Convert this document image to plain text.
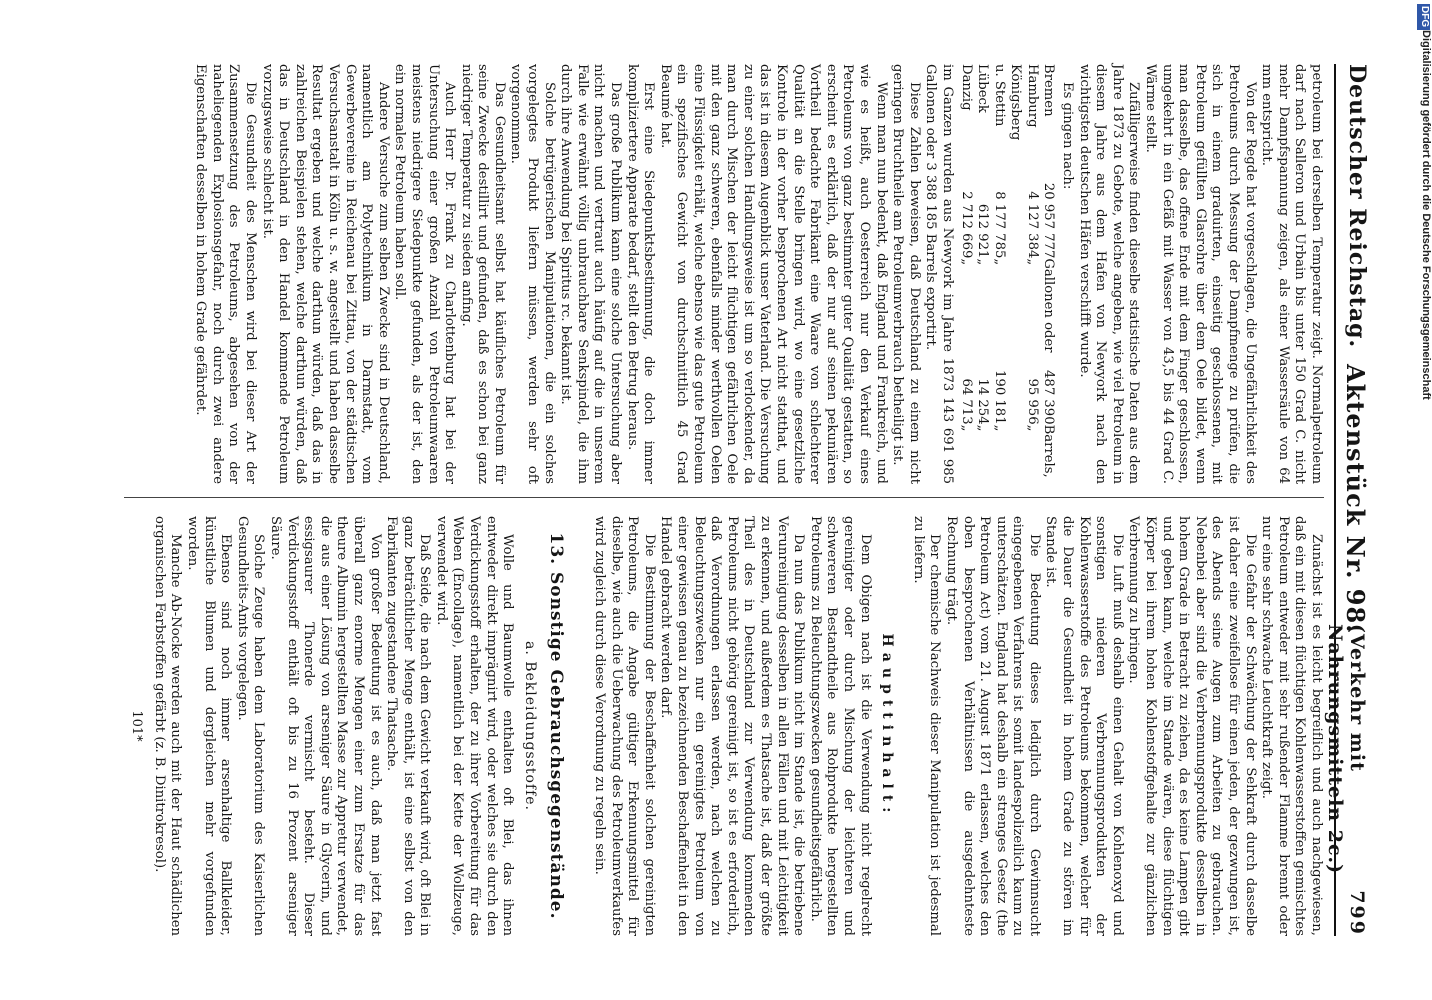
Deutscher Reichstag.
Aktenstück Nr. 98.
(Verkehr mit Nahrungsmitteln 2c.)
799

petroleum bei derselben Temperatur zeigt. Normalpetroleum darf nach Salleron und Urbain bis unter 150 Grad C. nicht mehr Dampfspannung zeigen, als einer Wassersäule von 64 mm entspricht.

Von der Regde hat vorgeschlagen, die Ungefährlichkeit des Petroleums durch Messung der Dampfmenge zu prüfen, die sich in einem graduirten, einseitig geschlossenen, mit Petroleum gefüllten Glasrohre über dem Oele bildet, wenn man dasselbe, das offene Ende mit dem Finger geschlossen, umgekehrt in ein Gefäß mit Wasser von 43,5 bis 44 Grad C. Wärme stellt.

Zufälligerweise finden dieselbe statistische Daten aus dem Jahre 1873 zu Gebote, welche angeben, wie viel Petroleum in diesem Jahre aus dem Hafen von Newyork nach den wichtigsten deutschen Häfen verschifft wurde.

Es gingen nach:

Bremen	20 957 777	Gallonen oder	487 390	Barrels,
Hamburg	4 127 384	„	95 956	„
Königsberg				
u. Stettin	8 177 785	„	190 181	„
Lübeck	612 921	„	14 254	„
Danzig	2 712 669	„	64 713	„

im Ganzen wurden aus Newyork im Jahre 1873 143 691 985 Gallonen oder 3 388 185 Barrels exportirt.

Diese Zahlen beweisen, daß Deutschland zu einem nicht geringen Bruchtheile am Petroleumverbrauch betheiligt ist.

Wenn man nun bedenkt, daß England und Frankreich, und wie es heißt, auch Oesterreich nur den Verkauf eines Petroleums von ganz bestimmter guter Qualität gestatten, so erscheint es erklärlich, daß der nur auf seinen pekuniären Vortheil bedachte Fabrikant eine Waare von schlechterer Qualität an die Stelle bringen wird, wo eine gesetzliche Kontrole in der vorher besprochenen Art nicht statthat, und das ist in diesem Augenblick unser Vaterland. Die Versuchung zu einer solchen Handlungsweise ist um so verlockender, da man durch Mischen der leicht flüchtigen gefährlichen Oele mit den ganz schweren, ebenfalls minder werthvollen Oelen eine Flüssigkeit erhält, welche ebenso wie das gute Petroleum ein spezifisches Gewicht von durchschnittlich 45 Grad Beaumé hat.

Erst eine Siedepunktsbestimmung, die doch immer kompliziertere Apparate bedarf, stellt den Betrug heraus.

Das große Publikum kann eine solche Untersuchung aber nicht machen und vertraut auch häufig auf die in unserem Falle wie erwähnt völlig unbrauchbare Senkspindel, die ihm durch ihre Anwendung bei Spiritus rc. bekannt ist.

Solche betrügerischen Manipulationen, die ein solches vorgelegtes Produkt liefern müssen, werden sehr oft vorgenommen.

Das Gesundheitsamt selbst hat käufliches Petroleum für seine Zwecke destillirt und gefunden, daß es schon bei ganz niedriger Temperatur zu sieden anfing.

Auch Herr Dr. Frank zu Charlottenburg hat bei der Untersuchung einer großen Anzahl von Petroleumwaaren meistens niedrigere Siedepunkte gefunden, als der ist, den ein normales Petroleum haben soll.

Andere Versuche zum selben Zwecke sind in Deutschland, namentlich am Polytechnikum in Darmstadt, vom Gewerbevereine in Reichenau bei Zittau, von der städtischen Versuchsanstalt in Köln u. s. w. angestellt und haben dasselbe Resultat ergeben und welche darthun würden, daß das in zahlreichen Beispielen stehen, welche darthun würden, daß das in Deutschland in den Handel kommende Petroleum vorzugsweise schlecht ist.

Die Gesundheit des Menschen wird bei dieser Art der Zusammensetzung des Petroleums, abgesehen von der naheliegenden Explosionsgefahr, noch durch zwei andere Eigenschaften desselben in hohem Grade gefährdet.

Zunächst ist es leicht begreiflich und auch nachgewiesen, daß ein mit diesen flüchtigen Kohlenwasserstoffen gemischtes Petroleum entweder mit sehr rußender Flamme brennt oder nur eine sehr schwache Leuchtkraft zeigt.

Die Gefahr der Schwächung der Sehkraft durch dasselbe ist daher eine zweifellose für einen jeden, der gezwungen ist, des Abends seine Augen zum Arbeiten zu gebrauchen. Nebenbei aber sind die Verbrennungsprodukte desselben in hohem Grade in Betracht zu ziehen, da es keine Lampen gibt und geben kann, welche im Stande wären, diese flüchtigen Körper bei ihrem hohen Kohlenstoffgehalte zur gänzlichen Verbrennung zu bringen.

Die Luft muß deshalb einen Gehalt von Kohlenoxyd und sonstigen niederen Verbrennungsprodukten der Kohlenwasserstoffe des Petroleums bekommen, welcher für die Dauer die Gesundheit in hohem Grade zu stören im Stande ist.

Die Bedeutung dieses lediglich durch Gewinnsucht eingegebenen Verfahrens ist somit landespolizeilich kaum zu unterschätzen. England hat deshalb ein strenges Gesetz (the Petroleum Act) vom 21. August 1871 erlassen, welches den oben besprochenen Verhältnissen die ausgedehnteste Rechnung trägt.

Der chemische Nachweis dieser Manipulation ist jedesmal zu liefern.

Haupttinhalt:

Dem Obigen nach ist die Verwendung nicht regelrecht gereinigter oder durch Mischung der leichteren und schwereren Bestandtheile aus Rohprodukte hergestellten Petroleums zu Beleuchtungszwecken gesundheitsgefährlich.

Da nun das Publikum nicht im Stande ist, die betriebene Verunreinigung desselben in allen Fällen und mit Leichtigkeit zu erkennen, und außerdem es Thatsache ist, daß der größte Theil des in Deutschland zur Verwendung kommenden Petroleums nicht gehörig gereinigt ist, so ist es erforderlich, daß Verordnungen erlassen werden, nach welchen zu Beleuchtungszwecken nur ein gereinigtes Petroleum von einer gewissen genau zu bezeichnenden Beschaffenheit in den Handel gebracht werden darf.

Die Bestimmung der Beschaffenheit solchen gereinigten Petroleums, die Angabe gültiger Erkennungsmittel für dieselbe, wie auch die Ueberwachung des Petroleumverkaufes wird zugleich durch diese Verordnung zu regeln sein.

13. Sonstige Gebrauchsgegenstände.
a. Bekleidungsstoffe.

Wolle und Baumwolle enthalten oft Blei, das ihnen entweder direkt imprägnirt wird, oder welches sie durch den Verdickungsstoff erhalten, der zu ihrer Vorbereitung für das Weben (Encollage), namentlich bei der Kette der Wollzeuge, verwendet wird.

Daß Seide, die nach dem Gewicht verkauft wird, oft Blei in ganz beträchtlicher Menge enthält, ist eine selbst von den Fabrikanten zugestandene Thatsache.

Von großer Bedeutung ist es auch, daß man jetzt fast überall ganz enorme Mengen einer zum Ersatze für das theure Albumin hergestellten Masse zur Appretur verwendet, die aus einer Lösung von arseniger Säure in Glycerin, und essigsaurer Thonerde vermischt besteht. Dieser Verdickungsstoff enthält oft bis zu 16 Prozent arseniger Säure.

Solche Zeuge haben dem Laboratorium des Kaiserlichen Gesundheits-Amts vorgelegen.

Ebenso sind noch immer arsenhaltige Ballkleider, künstliche Blumen und dergleichen mehr vorgefunden worden.

Manche Ab-Nocke werden auch mit der Haut schädlichen organischen Farbstoffen gefärbt (z. B. Dinitrokresol).

101*
DFG
Digitalisierung gefördert durch die Deutsche Forschungsgemeinschaft
